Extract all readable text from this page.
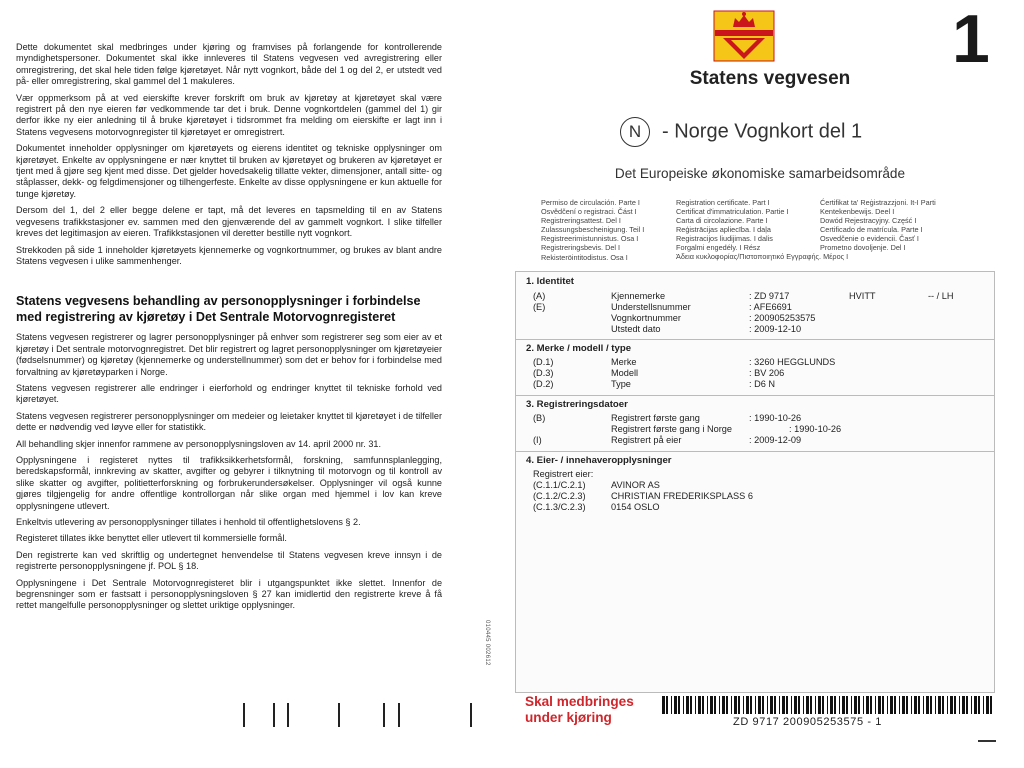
Dette dokumentet skal medbringes under kjøring og framvises på forlangende for kontrollerende myndighetspersoner. Dokumentet skal ikke innleveres til Statens vegvesen ved avregistrering eller omregistrering, det skal hele tiden følge kjøretøyet. Når nytt vognkort, både del 1 og del 2, er utstedt ved på- eller omregistrering, skal gammel del 1 makuleres.

Vær oppmerksom på at ved eierskifte krever forskrift om bruk av kjøretøy at kjøretøyet skal være registrert på den nye eieren før vedkommende tar det i bruk. Denne vognkortdelen (gammel del 1) gir derfor ikke ny eier anledning til å bruke kjøretøyet i tidsrommet fra melding om eierskifte er lagt inn i Statens vegvesens motorvognregister til kjøretøyet er omregistrert.

Dokumentet inneholder opplysninger om kjøretøyets og eierens identitet og tekniske opplysninger om kjøretøyet. Enkelte av opplysningene er nær knyttet til bruken av kjøretøyet og brukeren av kjøretøyet er tjent med å gjøre seg kjent med disse. Det gjelder hovedsakelig tillatte vekter, dimensjoner, antall sitte- og ståplasser, dekk- og felgdimensjoner og tilhengerfeste. Enkelte av disse opplysningene er kun aktuelle for tunge kjøretøy.

Dersom del 1, del 2 eller begge delene er tapt, må det leveres en tapsmelding til en av Statens vegvesens trafikkstasjoner ev. sammen med den gjenværende del av gammelt vognkort. I slike tilfeller kreves det legitimasjon av eieren. Trafikkstasjonen vil deretter bestille nytt vognkort.

Strekkoden på side 1 inneholder kjøretøyets kjennemerke og vognkortnummer, og brukes av blant andre Statens vegvesen i ulike sammenhenger.

Statens vegvesens behandling av personopplysninger i forbindelse med registrering av kjøretøy i Det Sentrale Motorvognregisteret

Statens vegvesen registrerer og lagrer personopplysninger på enhver som registrerer seg som eier av et kjøretøy i Det sentrale motorvognregistret. Det blir registrert og lagret personopplysninger om kjøretøyeier (fødselsnummer) og kjøretøy (kjennemerke og understellnummer) som det er behov for i forbindelse med forvaltning av kjøretøyparken i Norge.

Statens vegvesen registrerer alle endringer i eierforhold og endringer knyttet til tekniske forhold ved kjøretøyet.

Statens vegvesen registrerer personopplysninger om medeier og leietaker knyttet til kjøretøyet i de tilfeller dette er nødvendig ved løyve eller for statistikk.

All behandling skjer innenfor rammene av personopplysningsloven av 14. april 2000 nr. 31.

Opplysningene i registeret nyttes til trafikksikkerhetsformål, forskning, samfunnsplanlegging, beredskapsformål, innkreving av skatter, avgifter og gebyrer i tilknytning til motorvogn og til kontroll av slike skatter og avgifter, politietterforskning og forbrukerundersøkelser. Opplysninger vil også kunne gjøres tilgjengelig for andre offentlige kontrollorgan når slike organ med hjemmel i lov kan kreve opplysningene utlevert.

Enkeltvis utlevering av personopplysninger tillates i henhold til offentlighetslovens § 2.

Registeret tillates ikke benyttet eller utlevert til kommersielle formål.

Den registrerte kan ved skriftlig og undertegnet henvendelse til Statens vegvesen kreve innsyn i de registrerte personopplysningene jf. POL § 18.

Opplysningene i Det Sentrale Motorvognregisteret blir i utgangspunktet ikke slettet. Innenfor de begrensninger som er fastsatt i personopplysningsloven § 27 kan imidlertid den registrerte kreve å få rettet mangelfulle personopplysninger og slettet uriktige opplysninger.

010445 002612
1
Statens vegvesen
N - Norge Vognkort del 1
Det Europeiske økonomiske samarbeidsområde
Permiso de circulación. Parte I
Osvědčení o registraci. Část I
Registreringsattest. Del I
Zulassungsbescheinigung. Teil I
Registreerimistunnistus. Osa I
Registreringsbevis. Del I
Rekisteröintitodistus. Osa I
Registration certificate. Part I
Certificat d'immatriculation. Partie I
Carta di circolazione. Parte I
Reģistrācijas apliecība. I daļa
Registracijos liudijimas. I dalis
Forgalmi engedély. I Rész
Ćertifikat ta' Reġistrazzjoni. It-I Parti
Kentekenbewijs. Deel I
Dowód Rejestracyjny. Część I
Certificado de matrícula. Parte I
Osvedčenie o evidencii. Časť I
Prometno dovoljenje. Del I
Άδεια κυκλοφορίας/Πιστοποιητικό Εγγραφής. Μέρος I
1. Identitet
(A)	Kjennemerke	: ZD 9717	HVITT	-- / LH
(E)	Understellsnummer	: AFE6691
Vognkortnummer	: 200905253575
Utstedt dato	: 2009-12-10
2. Merke / modell / type
(D.1)	Merke	: 3260 HEGGLUNDS
(D.3)	Modell	: BV 206
(D.2)	Type	: D6 N
3. Registreringsdatoer
(B)	Registrert første gang	: 1990-10-26
Registrert første gang i Norge	: 1990-10-26
(I)	Registrert på eier	: 2009-12-09
4. Eier- / innehaveropplysninger
Registrert eier:
(C.1.1/C.2.1)	AVINOR AS
(C.1.2/C.2.3)	CHRISTIAN FREDERIKSPLASS 6
(C.1.3/C.2.3)	0154 OSLO
Skal medbringes
under kjøring	ZD 9717 200905253575 - 1
